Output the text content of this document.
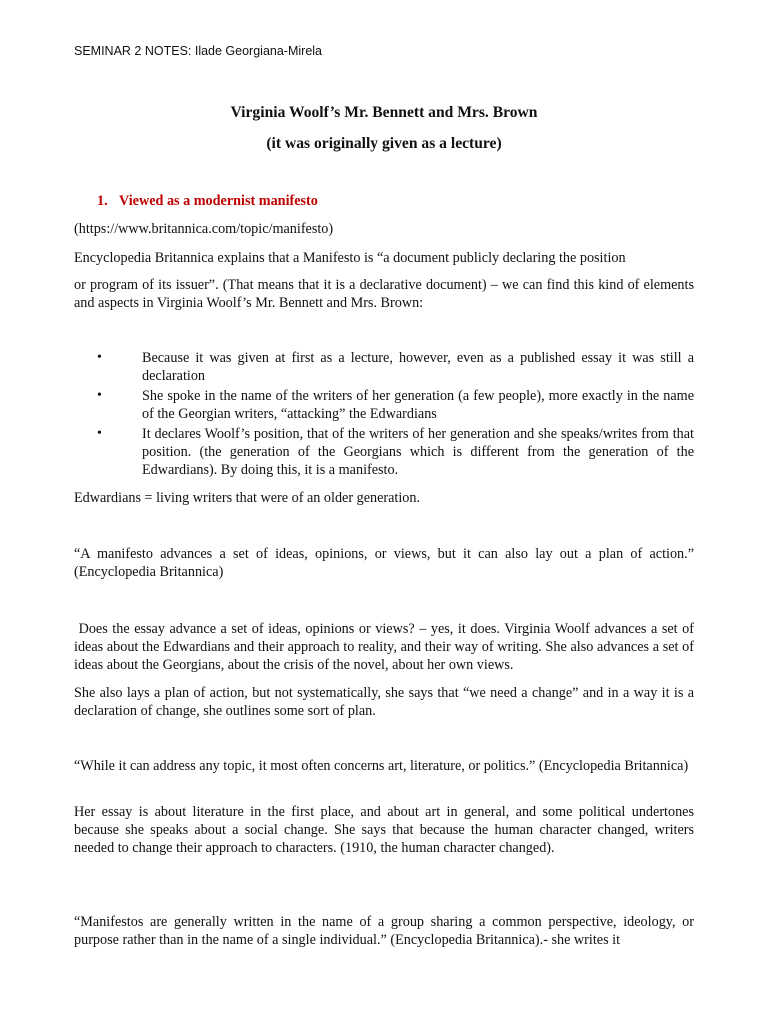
SEMINAR 2 NOTES: Ilade Georgiana-Mirela
Virginia Woolf’s Mr. Bennett and Mrs. Brown
(it was originally given as a lecture)
1. Viewed as a modernist manifesto
(https://www.britannica.com/topic/manifesto)
Encyclopedia Britannica explains that a Manifesto is “a document publicly declaring the position
or program of its issuer”. (That means that it is a declarative document) – we can find this kind of elements and aspects in Virginia Woolf’s Mr. Bennett and Mrs. Brown:
•	Because it was given at first as a lecture, however, even as a published essay it was still a declaration
•	She spoke in the name of the writers of her generation (a few people), more exactly in the name of the Georgian writers, “attacking” the Edwardians
•	It declares Woolf’s position, that of the writers of her generation and she speaks/writes from that position. (the generation of the Georgians which is different from the generation of the Edwardians). By doing this, it is a manifesto.
Edwardians = living writers that were of an older generation.
“A manifesto advances a set of ideas, opinions, or views, but it can also lay out a plan of action.” (Encyclopedia Britannica)
Does the essay advance a set of ideas, opinions or views? – yes, it does. Virginia Woolf advances a set of ideas about the Edwardians and their approach to reality, and their way of writing. She also advances a set of ideas about the Georgians, about the crisis of the novel, about her own views.
She also lays a plan of action, but not systematically, she says that “we need a change” and in a way it is a declaration of change, she outlines some sort of plan.
“While it can address any topic, it most often concerns art, literature, or politics.” (Encyclopedia Britannica)
Her essay is about literature in the first place, and about art in general, and some political undertones because she speaks about a social change. She says that because the human character changed, writers needed to change their approach to characters. (1910, the human character changed).
“Manifestos are generally written in the name of a group sharing a common perspective, ideology, or purpose rather than in the name of a single individual.” (Encyclopedia Britannica).- she writes it
